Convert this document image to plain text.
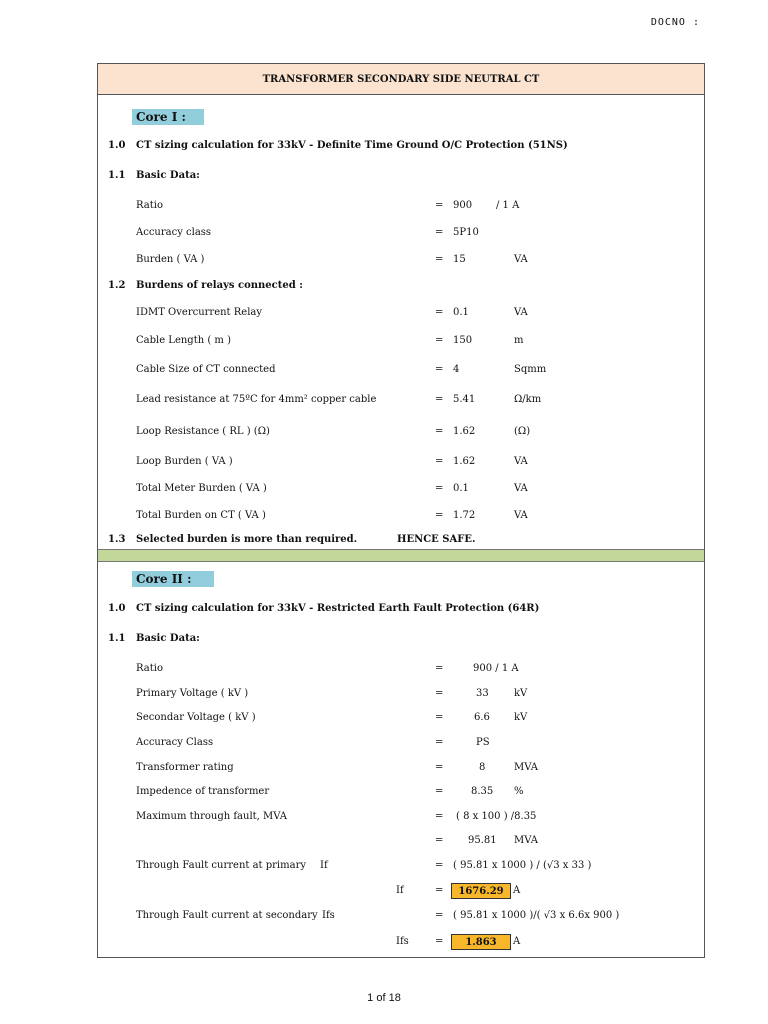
DOCNO :
TRANSFORMER SECONDARY SIDE NEUTRAL CT
Core I :
1.0 CT sizing calculation for 33kV - Definite Time Ground O/C Protection (51NS)
1.1 Basic Data:
Ratio	= 900 / 1 A
Accuracy class	= 5P10
Burden ( VA )	= 15	VA
1.2 Burdens of relays connected :
IDMT Overcurrent Relay	= 0.1	VA
Cable Length ( m )	= 150	m
Cable Size of CT connected	= 4	Sqmm
Lead resistance at 75ºC for 4mm² copper cable	= 5.41	Ω/km
Loop Resistance ( RL ) (Ω)	= 1.62	(Ω)
Loop Burden ( VA )	= 1.62	VA
Total Meter Burden ( VA )	= 0.1	VA
Total Burden on CT ( VA )	= 1.72	VA
1.3 Selected burden is more than required.	HENCE SAFE.
Core II :
1.0 CT sizing calculation for 33kV - Restricted Earth Fault Protection (64R)
1.1 Basic Data:
Ratio	=	900 / 1 A
Primary Voltage ( kV )	=	33	kV
Secondar Voltage ( kV )	=	6.6 kV
Accuracy Class	=	PS
Transformer rating	=	8	MVA
Impedence of transformer	=	8.35 %
Maximum through fault, MVA	= ( 8 x 100 ) /8.35
= 95.81 MVA
Through Fault current at primary If	= ( 95.81 x 1000 ) / (√3 x 33 )
If	=	1676.29 A
Through Fault current at secondary Ifs	= ( 95.81 x 1000 )/( √3 x 6.6x 900 )
Ifs	=	1.863	A
1 of 18
